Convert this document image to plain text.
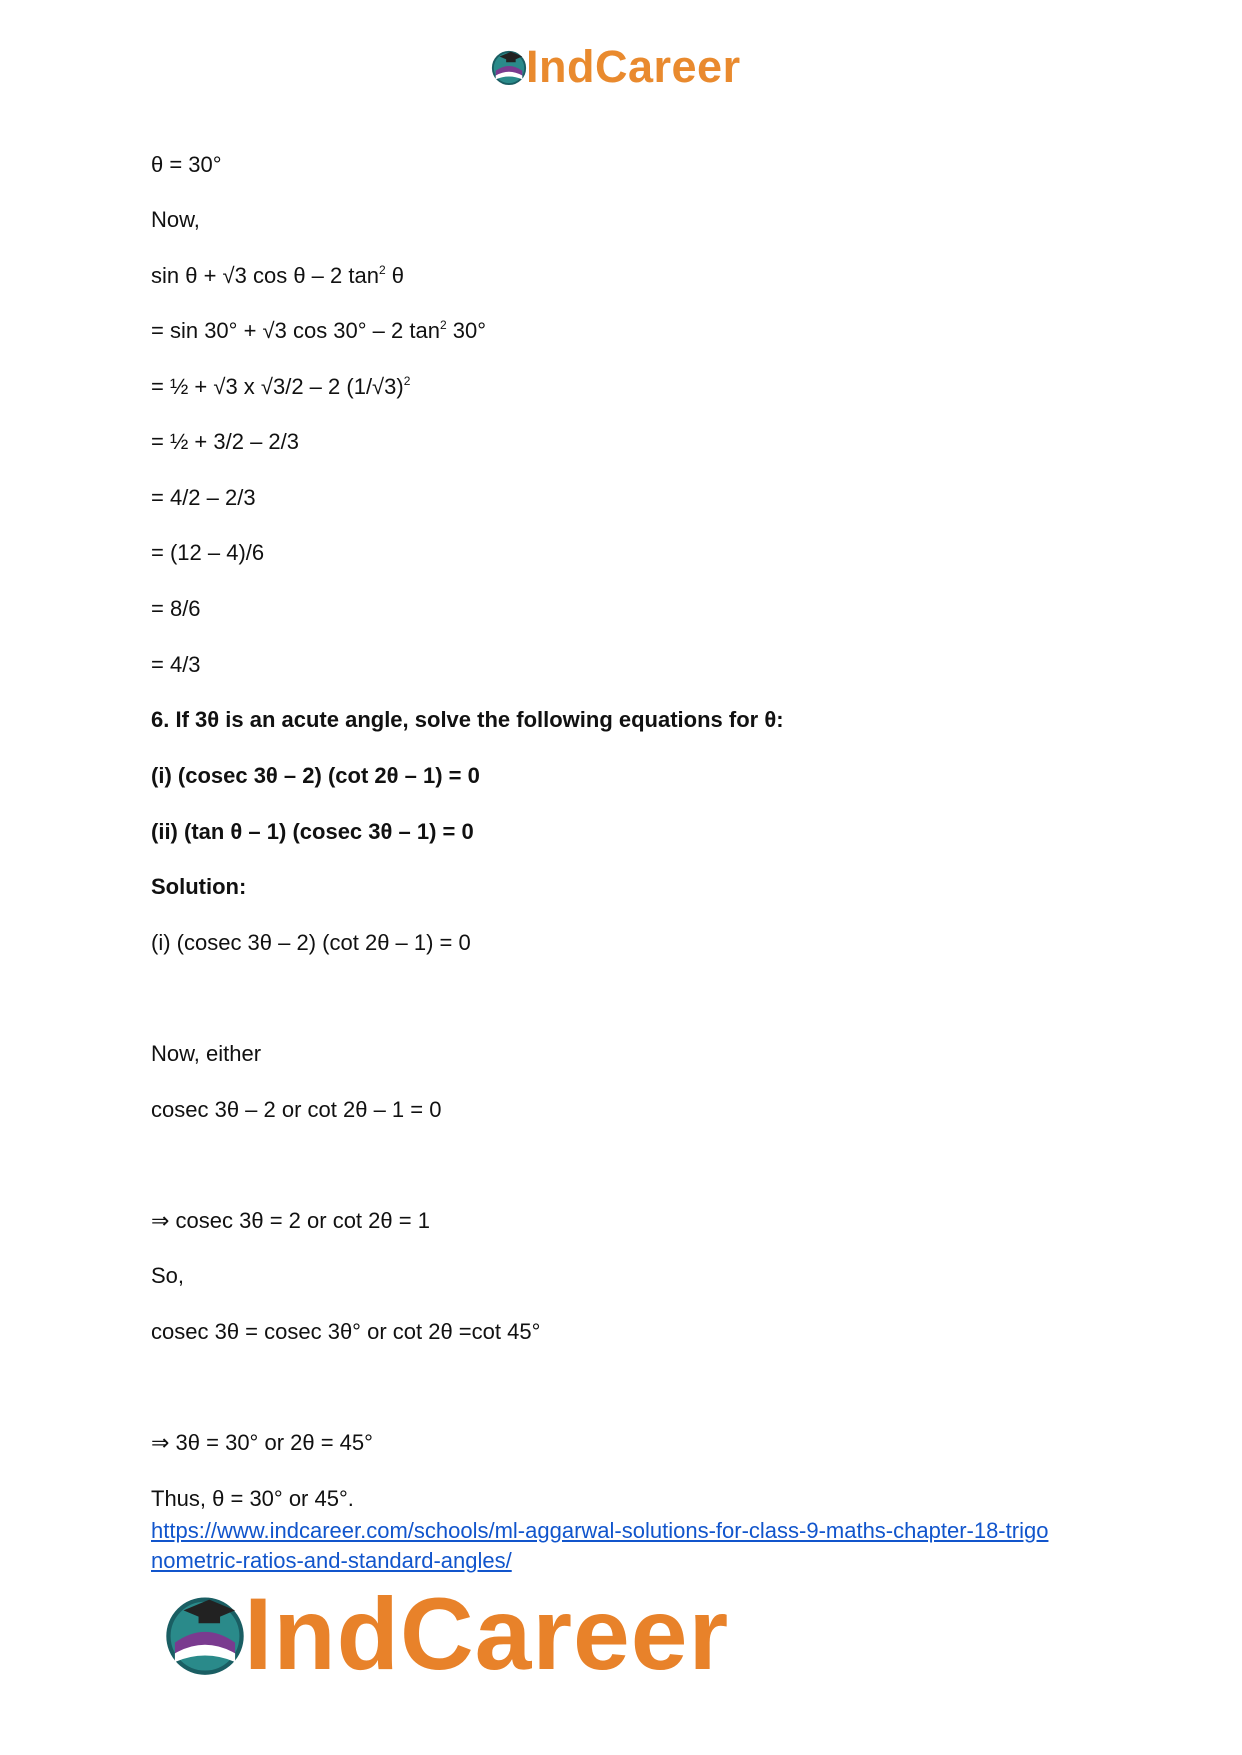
IndCareer
θ = 30°
Now,
sin θ + √3 cos θ – 2 $\tan^2 \theta$
= sin 30° + √3 cos 30° – 2 $\tan^2 30^\circ$
= ½ + √3 x √3/2 – 2 $(1/√3)^2$
= ½ + 3/2 – 2/3
= 4/2 – 2/3
= (12 – 4)/6
= 8/6
= 4/3
6. If 3θ is an acute angle, solve the following equations for θ:
(i) (cosec 3θ – 2) (cot 2θ – 1) = 0
(ii) (tan θ – 1) (cosec 3θ – 1) = 0
Solution:
(i) (cosec 3θ – 2) (cot 2θ – 1) = 0
Now, either
cosec 3θ – 2 or cot 2θ – 1 = 0
⇒ cosec 3θ = 2 or cot 2θ = 1
So,
cosec 3θ = cosec 3θ° or cot 2θ =cot 45°
⇒ 3θ = 30° or 2θ = 45°
Thus, θ = 30° or 45°.
https://www.indcareer.com/schools/ml-aggarwal-solutions-for-class-9-maths-chapter-18-trigo
nometric-ratios-and-standard-angles/
IndCareer
